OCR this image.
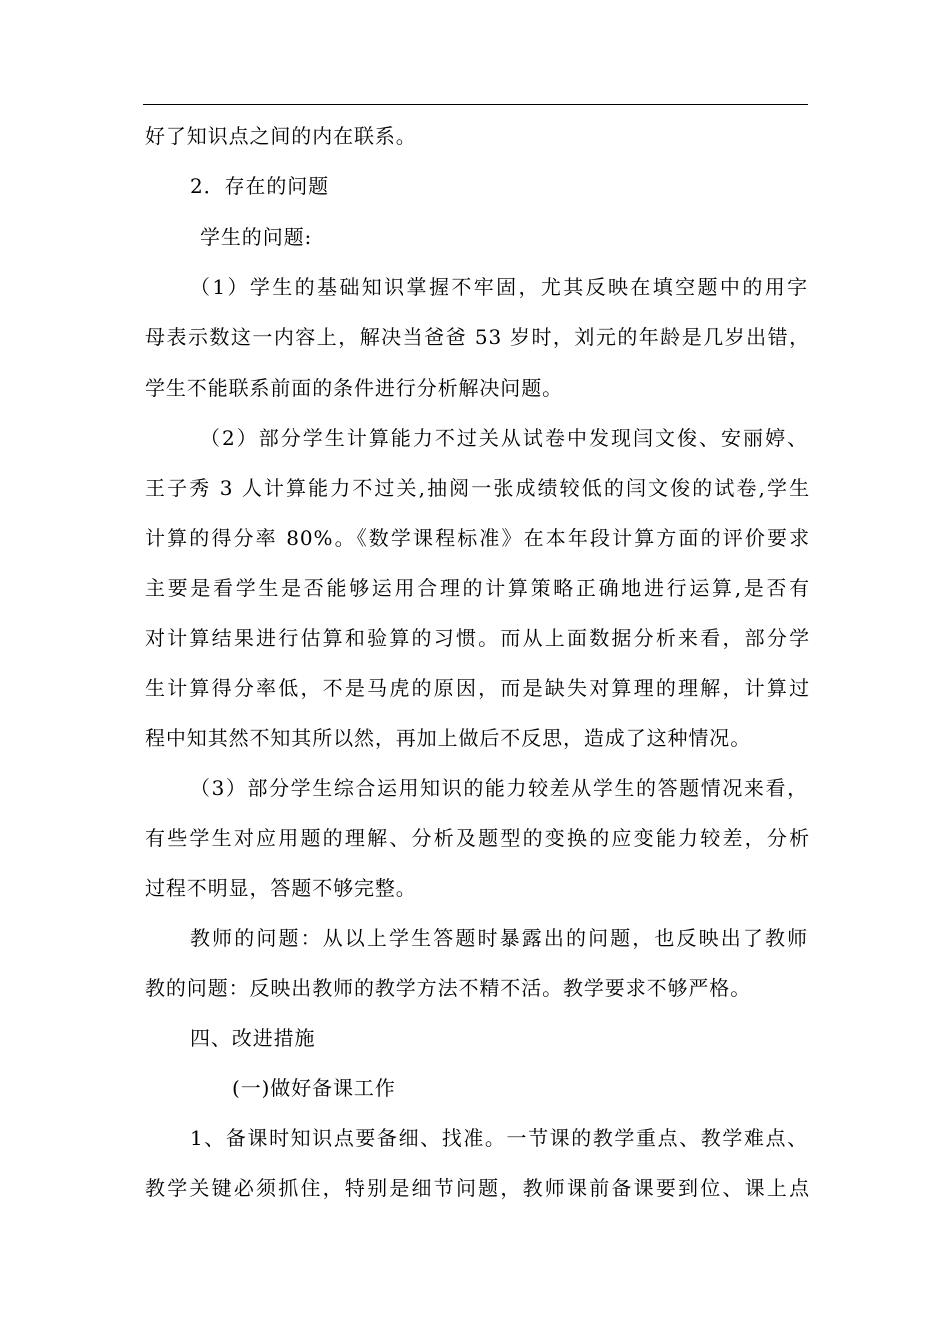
好了知识点之间的内在联系。
2．存在的问题
学生的问题:
（1）学生的基础知识掌握不牢固，尤其反映在填空题中的用字
母表示数这一内容上，解决当爸爸 53 岁时，刘元的年龄是几岁出错，
学生不能联系前面的条件进行分析解决问题。
（2）部分学生计算能力不过关从试卷中发现闫文俊、安丽婷、
王子秀 3 人计算能力不过关,抽阅一张成绩较低的闫文俊的试卷,学生
计算的得分率 80%。《数学课程标准》在本年段计算方面的评价要求
主要是看学生是否能够运用合理的计算策略正确地进行运算,是否有
对计算结果进行估算和验算的习惯。而从上面数据分析来看，部分学
生计算得分率低，不是马虎的原因，而是缺失对算理的理解，计算过
程中知其然不知其所以然，再加上做后不反思，造成了这种情况。
（3）部分学生综合运用知识的能力较差从学生的答题情况来看，
有些学生对应用题的理解、分析及题型的变换的应变能力较差，分析
过程不明显，答题不够完整。
教师的问题：从以上学生答题时暴露出的问题，也反映出了教师
教的问题：反映出教师的教学方法不精不活。教学要求不够严格。
四、改进措施
(一)做好备课工作
1、备课时知识点要备细、找准。一节课的教学重点、教学难点、
教学关键必须抓住，特别是细节问题，教师课前备课要到位、课上点
